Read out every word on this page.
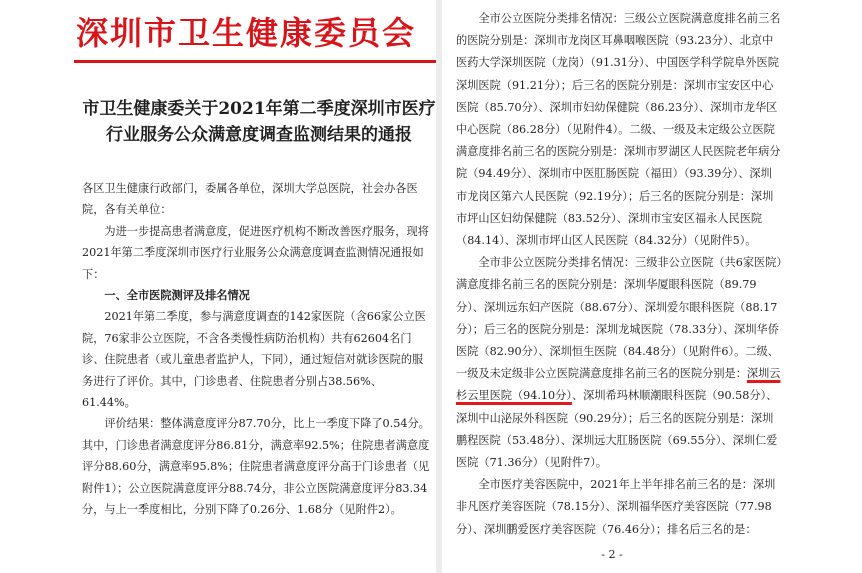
深圳市卫生健康委员会
市卫生健康委关于2021年第二季度深圳市医疗行业服务公众满意度调查监测结果的通报

各区卫生健康行政部门，委属各单位，深圳大学总医院，社会办各医院，各有关单位：

为进一步提高患者满意度，促进医疗机构不断改善医疗服务，现将2021年第二季度深圳市医疗行业服务公众满意度调查监测情况通报如下：

一、全市医院测评及排名情况

2021年第二季度，参与满意度调查的142家医院（含66家公立医院，76家非公立医院，不含各类慢性病防治机构）共有62604名门诊、住院患者（或儿童患者监护人，下同），通过短信对就诊医院的服务进行了评价。其中，门诊患者、住院患者分别占38.56%、61.44%。

评价结果：整体满意度评分87.70分，比上一季度下降了0.54分。其中，门诊患者满意度评分86.81分，满意率92.5%；住院患者满意度评分88.60分，满意率95.8%；住院患者满意度评分高于门诊患者（见附件1）；公立医院满意度评分88.74分，非公立医院满意度评分83.34分，与上一季度相比，分别下降了0.26分、1.68分（见附件2）。

全市公立医院分类排名情况：三级公立医院满意度排名前三名的医院分别是：深圳市龙岗区耳鼻咽喉医院（93.23分）、北京中医药大学深圳医院（龙岗）（91.31分）、中国医学科学院阜外医院深圳医院（91.21分）；后三名的医院分别是：深圳市宝安区中心医院（85.70分）、深圳市妇幼保健院（86.23分）、深圳市龙华区中心医院（86.28分）（见附件4）。二级、一级及未定级公立医院满意度排名前三名的医院分别是：深圳市罗湖区人民医院老年病分院（94.49分）、深圳市中医肛肠医院（福田）（93.39分）、深圳市龙岗区第六人民医院（92.19分）；后三名的医院分别是：深圳市坪山区妇幼保健院（83.52分）、深圳市宝安区福永人民医院（84.14）、深圳市坪山区人民医院（84.32分）（见附件5）。

全市非公立医院分类排名情况：三级非公立医院（共6家医院）满意度排名前三名的医院分别是：深圳华厦眼科医院（89.79分）、深圳远东妇产医院（88.67分）、深圳爱尔眼科医院（88.17分）；后三名的医院分别是：深圳龙城医院（78.33分）、深圳华侨医院（82.90分）、深圳恒生医院（84.48分）（见附件6）。二级、一级及未定级非公立医院满意度排名前三名的医院分别是：深圳云杉云里医院（94.10分）、深圳希玛林顺潮眼科医院（90.58分）、深圳中山泌尿外科医院（90.29分）；后三名的医院分别是：深圳鹏程医院（53.48分）、深圳远大肛肠医院（69.55分）、深圳仁爱医院（71.36分）（见附件7）。

全市医疗美容医院中，2021年上半年排名前三名的是：深圳非凡医疗美容医院（78.15分）、深圳福华医疗美容医院（77.98分）、深圳鹏爱医疗美容医院（76.46分）；排名后三名的是：

- 2 -
